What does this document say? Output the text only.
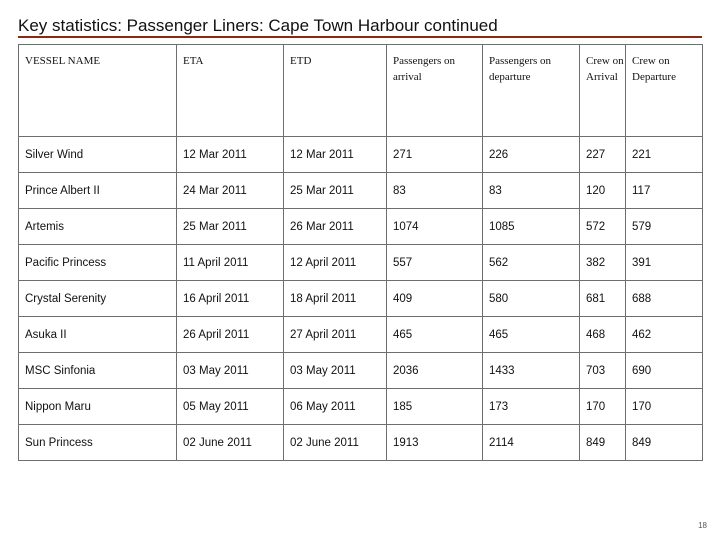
Key statistics: Passenger Liners: Cape Town Harbour continued
VESSEL NAME	ETA	ETD	Passengers on arrival	Passengers on departure	Crew on Arrival	Crew on Departure
Silver Wind	12 Mar 2011	12 Mar 2011	271	226	227	221
Prince Albert II	24 Mar 2011	25 Mar 2011	83	83	120	117
Artemis	25 Mar 2011	26 Mar 2011	1074	1085	572	579
Pacific Princess	11 April 2011	12 April 2011	557	562	382	391
Crystal Serenity	16 April 2011	18 April 2011	409	580	681	688
Asuka II	26 April 2011	27 April 2011	465	465	468	462
MSC Sinfonia	03 May 2011	03 May 2011	2036	1433	703	690
Nippon Maru	05 May 2011	06 May 2011	185	173	170	170
Sun Princess	02 June 2011	02 June 2011	1913	2114	849	849
18
